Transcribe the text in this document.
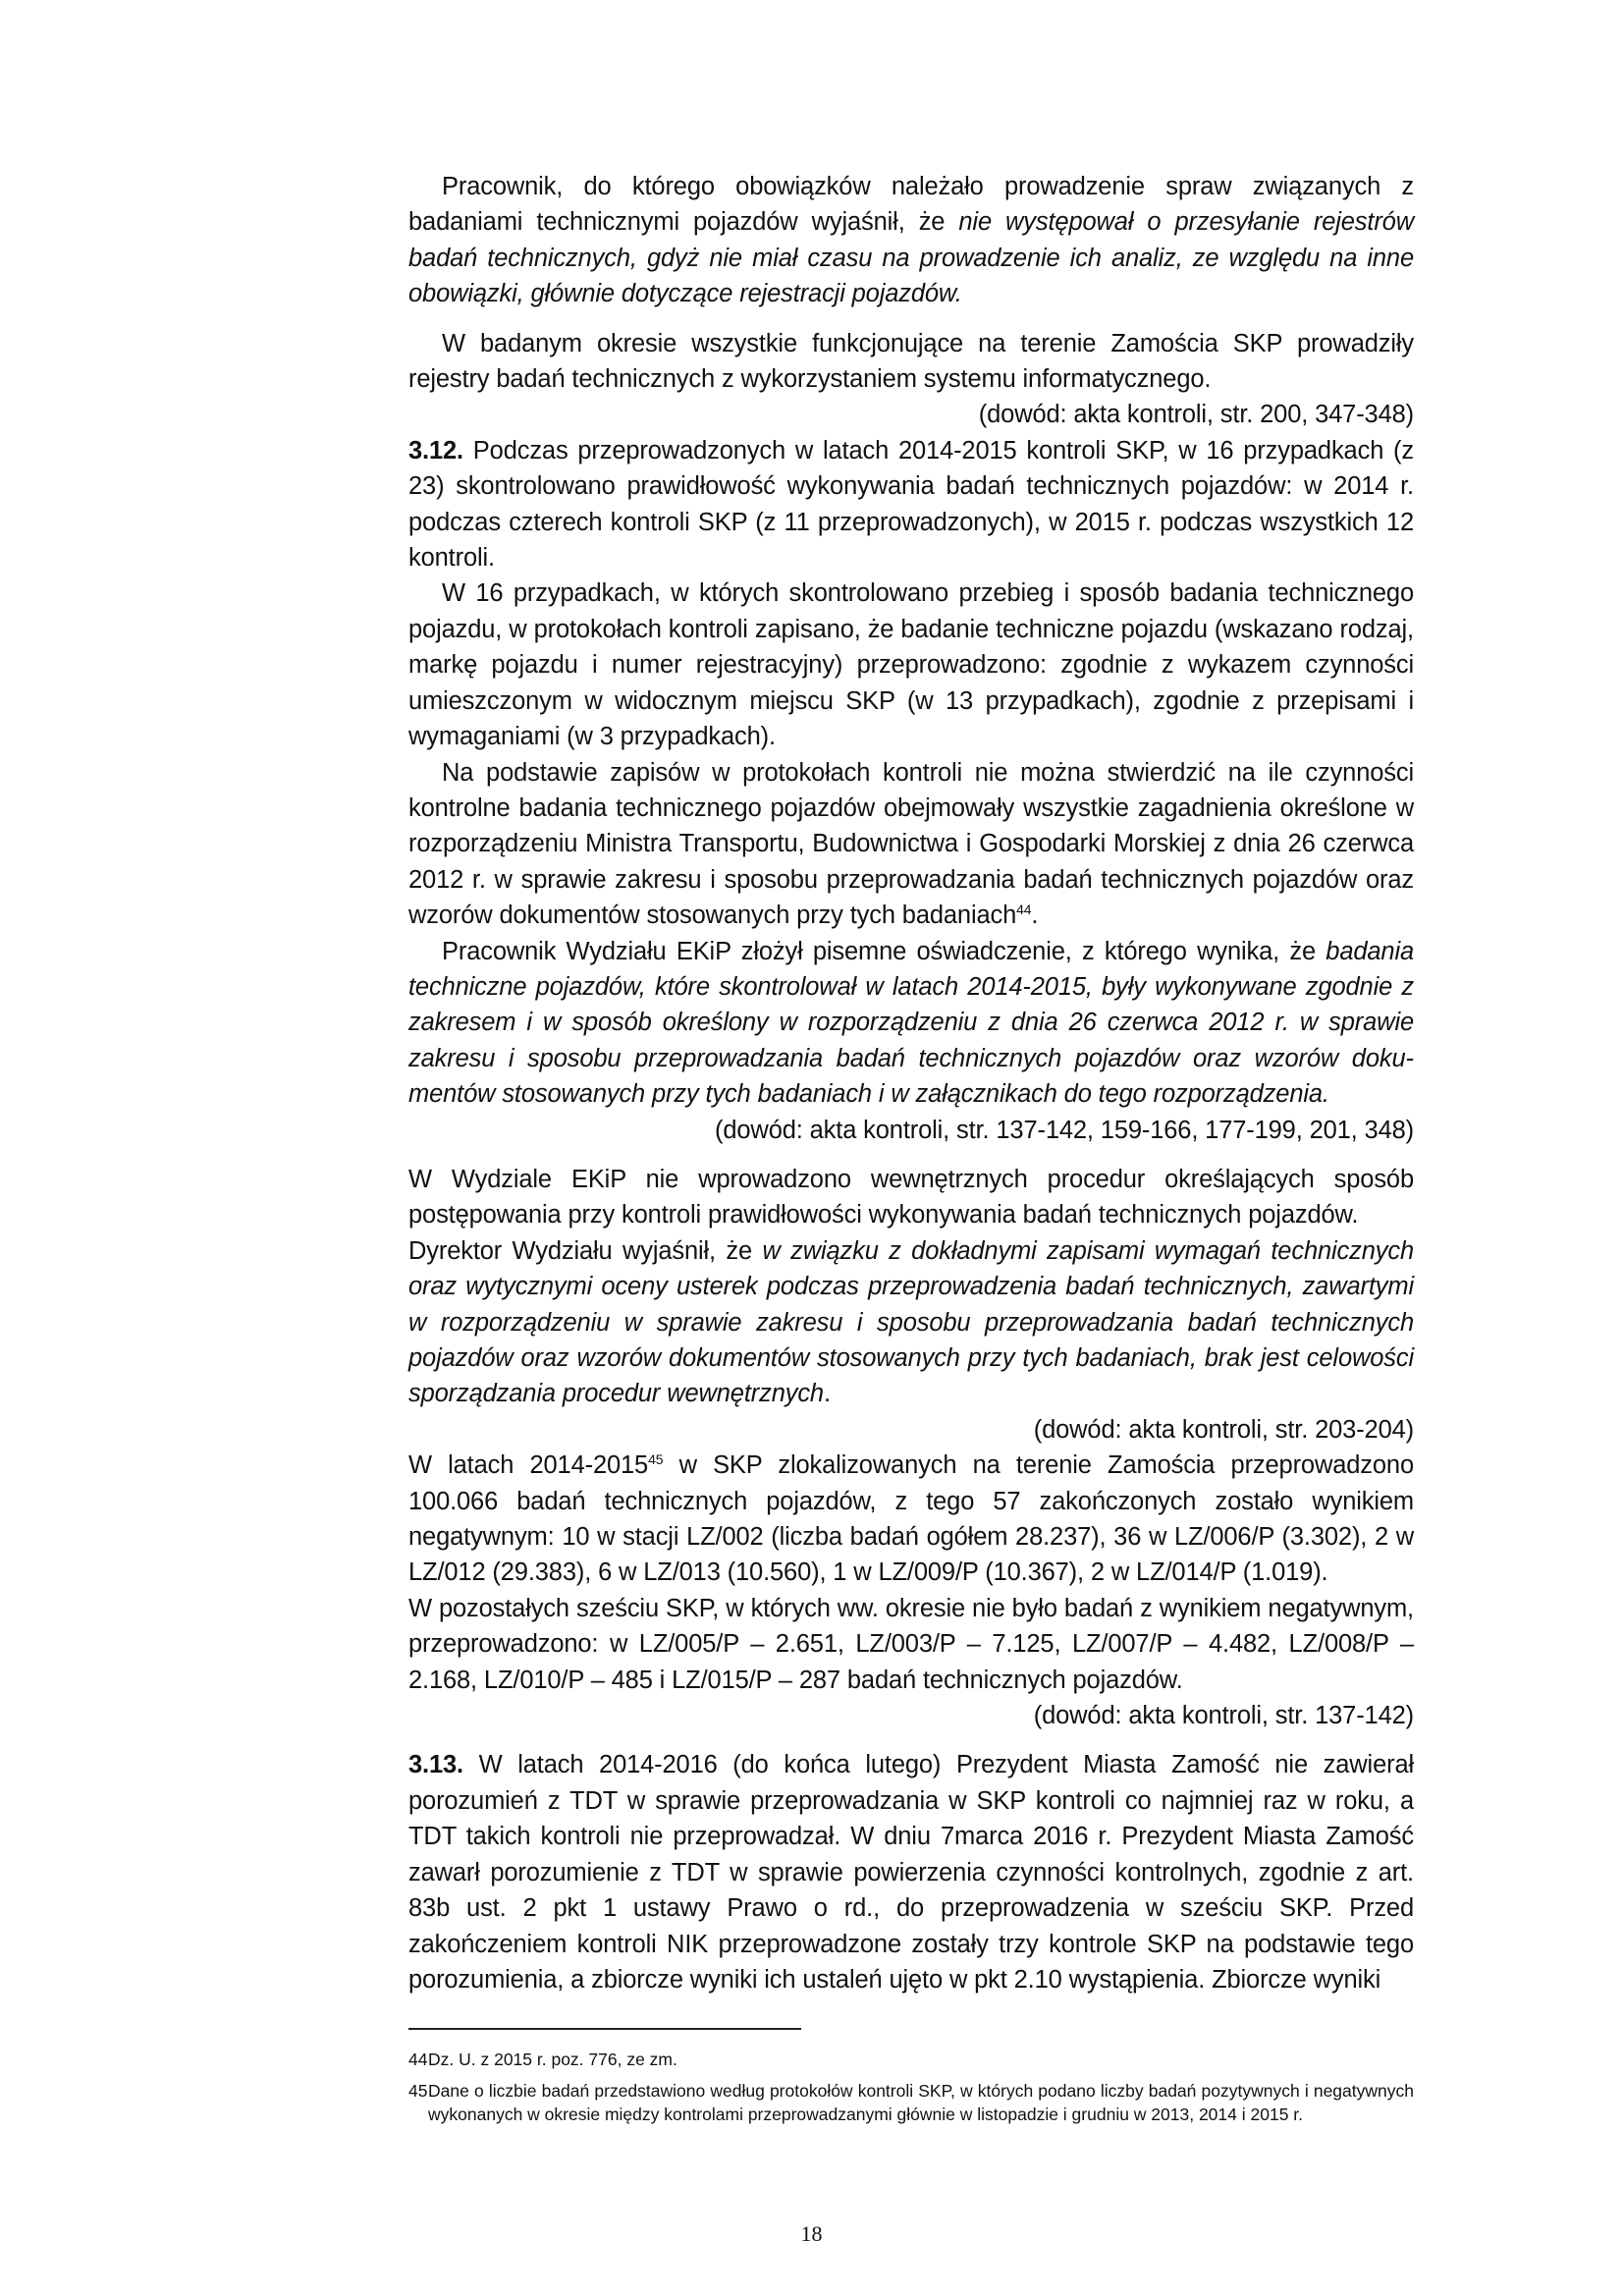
Pracownik, do którego obowiązków należało prowadzenie spraw związanych z badaniami technicznymi pojazdów wyjaśnił, że nie występował o przesyłanie rejestrów badań technicznych, gdyż nie miał czasu na prowadzenie ich analiz, ze względu na inne obowiązki, głównie dotyczące rejestracji pojazdów.

W badanym okresie wszystkie funkcjonujące na terenie Zamościa SKP prowadziły rejestry badań technicznych z wykorzystaniem systemu informatycznego.

(dowód: akta kontroli, str. 200, 347-348)

3.12. Podczas przeprowadzonych w latach 2014-2015 kontroli SKP, w 16 przypadkach (z 23) skontrolowano prawidłowość wykonywania badań technicznych pojazdów: w 2014 r. podczas czterech kontroli SKP (z 11 przeprowadzonych), w 2015 r. podczas wszystkich 12 kontroli.

W 16 przypadkach, w których skontrolowano przebieg i sposób badania technicznego pojazdu, w protokołach kontroli zapisano, że badanie techniczne pojazdu (wskazano rodzaj, markę pojazdu i numer rejestracyjny) przeprowadzono: zgodnie z wykazem czynności umieszczonym w widocznym miejscu SKP (w 13 przypadkach), zgodnie z przepisami i wymaganiami (w 3 przypadkach).

Na podstawie zapisów w protokołach kontroli nie można stwierdzić na ile czynności kontrolne badania technicznego pojazdów obejmowały wszystkie zagadnienia określone w rozporządzeniu Ministra Transportu, Budownictwa i Gospodarki Morskiej z dnia 26 czerwca 2012 r. w sprawie zakresu i sposobu przeprowadzania badań technicznych pojazdów oraz wzorów dokumentów stosowanych przy tych badaniach$^{44}$.

Pracownik Wydziału EKiP złożył pisemne oświadczenie, z którego wynika, że badania techniczne pojazdów, które skontrolował w latach 2014-2015, były wykonywane zgodnie z zakresem i w sposób określony w rozporządzeniu z dnia 26 czerwca 2012 r. w sprawie zakresu i sposobu przeprowadzania badań technicznych pojazdów oraz wzorów dokumentów stosowanych przy tych badaniach i w załącznikach do tego rozporządzenia.

(dowód: akta kontroli, str. 137-142, 159-166, 177-199, 201, 348)

W Wydziale EKiP nie wprowadzono wewnętrznych procedur określających sposób postępowania przy kontroli prawidłowości wykonywania badań technicznych pojazdów.

Dyrektor Wydziału wyjaśnił, że w związku z dokładnymi zapisami wymagań technicznych oraz wytycznymi oceny usterek podczas przeprowadzenia badań technicznych, zawartymi w rozporządzeniu w sprawie zakresu i sposobu przeprowadzania badań technicznych pojazdów oraz wzorów dokumentów stosowanych przy tych badaniach, brak jest celowości sporządzania procedur wewnętrznych.

(dowód: akta kontroli, str. 203-204)

W latach 2014-2015$^{45}$ w SKP zlokalizowanych na terenie Zamościa przeprowadzono 100.066 badań technicznych pojazdów, z tego 57 zakończonych zostało wynikiem negatywnym: 10 w stacji LZ/002 (liczba badań ogółem 28.237), 36 w LZ/006/P (3.302), 2 w LZ/012 (29.383), 6 w LZ/013 (10.560), 1 w LZ/009/P (10.367), 2 w LZ/014/P (1.019).

W pozostałych sześciu SKP, w których ww. okresie nie było badań z wynikiem negatywnym, przeprowadzono: w LZ/005/P – 2.651, LZ/003/P – 7.125, LZ/007/P – 4.482, LZ/008/P – 2.168, LZ/010/P – 485 i LZ/015/P – 287 badań technicznych pojazdów.

(dowód: akta kontroli, str. 137-142)

3.13. W latach 2014-2016 (do końca lutego) Prezydent Miasta Zamość nie zawierał porozumień z TDT w sprawie przeprowadzania w SKP kontroli co najmniej raz w roku, a TDT takich kontroli nie przeprowadzał. W dniu 7marca 2016 r. Prezydent Miasta Zamość zawarł porozumienie z TDT w sprawie powierzenia czynności kontrolnych, zgodnie z art. 83b ust. 2 pkt 1 ustawy Prawo o rd., do przeprowadzenia w sześciu SKP. Przed zakończeniem kontroli NIK przeprowadzone zostały trzy kontrole SKP na podstawie tego porozumienia, a zbiorcze wyniki ich ustaleń ujęto w pkt 2.10 wystąpienia. Zbiorcze wyniki

44Dz. U. z 2015 r. poz. 776, ze zm.
45Dane o liczbie badań przedstawiono według protokołów kontroli SKP, w których podano liczby badań pozytywnych i negatywnych wykonanych w okresie między kontrolami przeprowadzanymi głównie w listopadzie i grudniu w 2013, 2014 i 2015 r.
18
